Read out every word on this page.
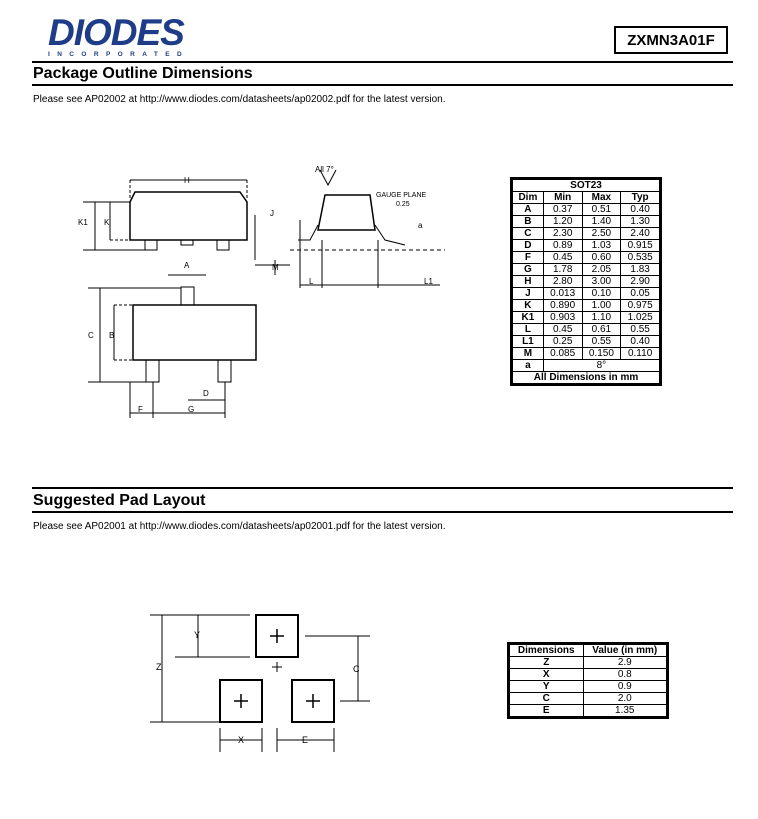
DIODES
INCORPORATED
ZXMN3A01F
Package Outline Dimensions
Please see AP02002 at http://www.diodes.com/datasheets/ap02002.pdf for the latest version.
H
K1 K
J
M
All 7°
GAUGE PLANE
0.25
a
L	L1
A
C B
D
F	G
SOT23			
Dim	Min	Max	Typ
A	0.37	0.51	0.40
B	1.20	1.40	1.30
C	2.30	2.50	2.40
D	0.89	1.03	0.915
F	0.45	0.60	0.535
G	1.78	2.05	1.83
H	2.80	3.00	2.90
J	0.013	0.10	0.05
K	0.890	1.00	0.975
K1	0.903	1.10	1.025
L	0.45	0.61	0.55
L1	0.25	0.55	0.40
M	0.085	0.150	0.110
a	8°		
All Dimensions in mm			
Suggested Pad Layout
Please see AP02001 at http://www.diodes.com/datasheets/ap02001.pdf for the latest version.
Z
Y
C
X	E
Dimensions	Value (in mm)
Z	2.9
X	0.8
Y	0.9
C	2.0
E	1.35
